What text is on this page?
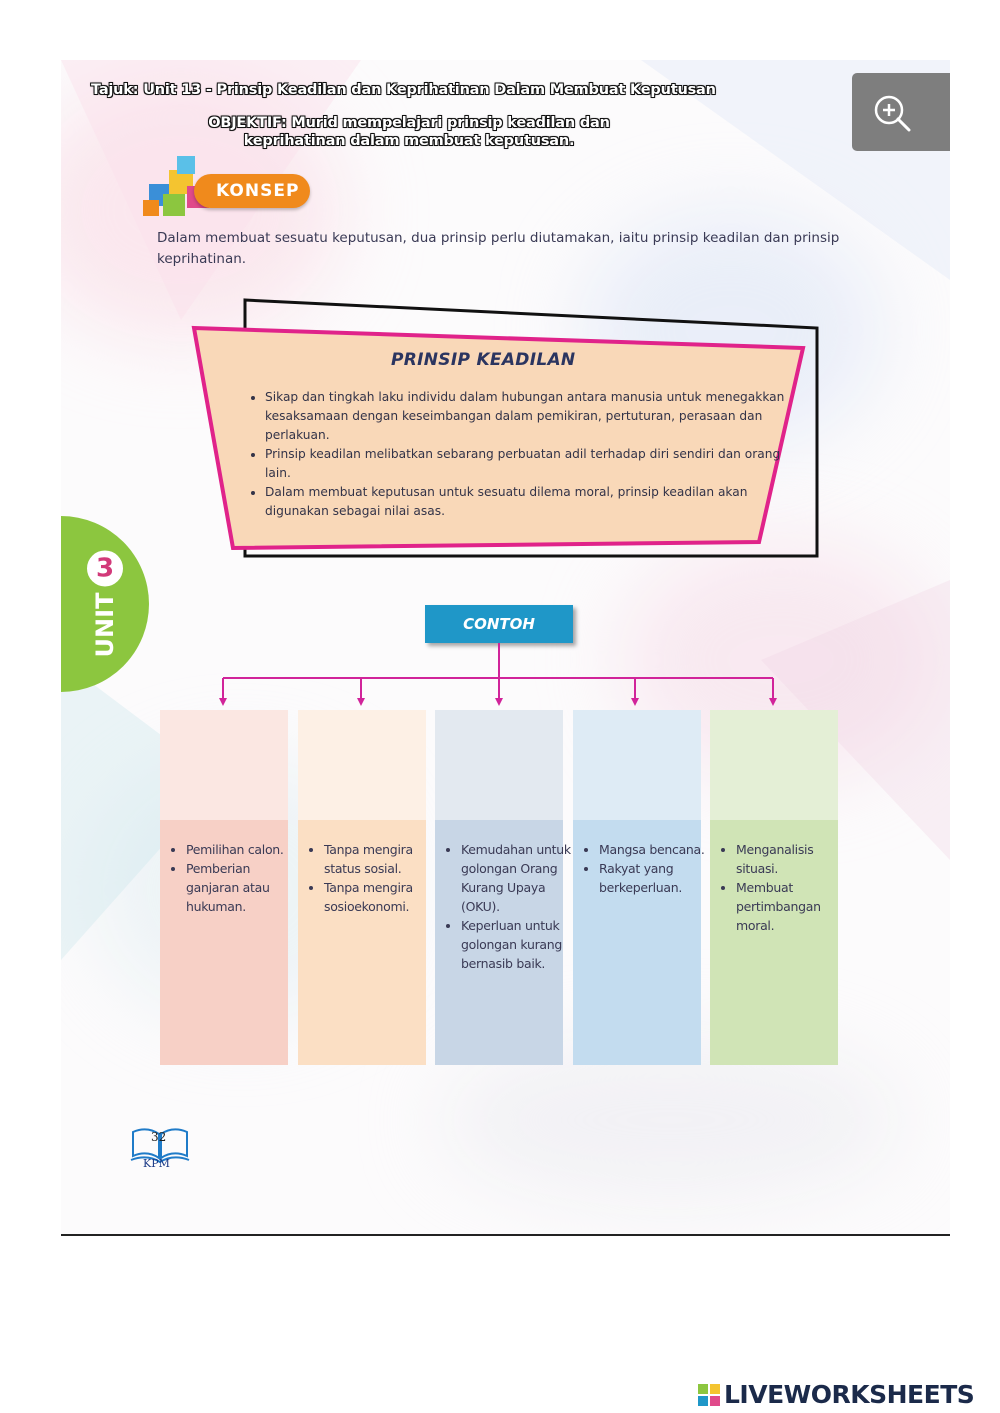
Tajuk: Unit 13 - Prinsip Keadilan dan Keprihatinan Dalam Membuat Keputusan
OBJEKTIF: Murid mempelajari prinsip keadilan dan
keprihatinan dalam membuat keputusan.
KONSEP
Dalam membuat sesuatu keputusan, dua prinsip perlu diutamakan, iaitu prinsip keadilan dan prinsip keprihatinan.
PRINSIP KEADILAN
• Sikap dan tingkah laku individu dalam hubungan antara manusia untuk menegakkan kesaksamaan dengan keseimbangan dalam pemikiran, pertuturan, perasaan dan perlakuan.
• Prinsip keadilan melibatkan sebarang perbuatan adil terhadap diri sendiri dan orang lain.
• Dalam membuat keputusan untuk sesuatu dilema moral, prinsip keadilan akan digunakan sebagai nilai asas.
UNIT3
CONTOH
• Pemilihan calon.
• Pemberian ganjaran atau hukuman.
• Tanpa mengira status sosial.
• Tanpa mengira sosioekonomi.
• Kemudahan untuk golongan Orang Kurang Upaya (OKU).
• Keperluan untuk golongan kurang bernasib baik.
• Mangsa bencana.
• Rakyat yang berkeperluan.
• Menganalisis situasi.
• Membuat pertimbangan moral.
32
KPM
LIVEWORKSHEETS
